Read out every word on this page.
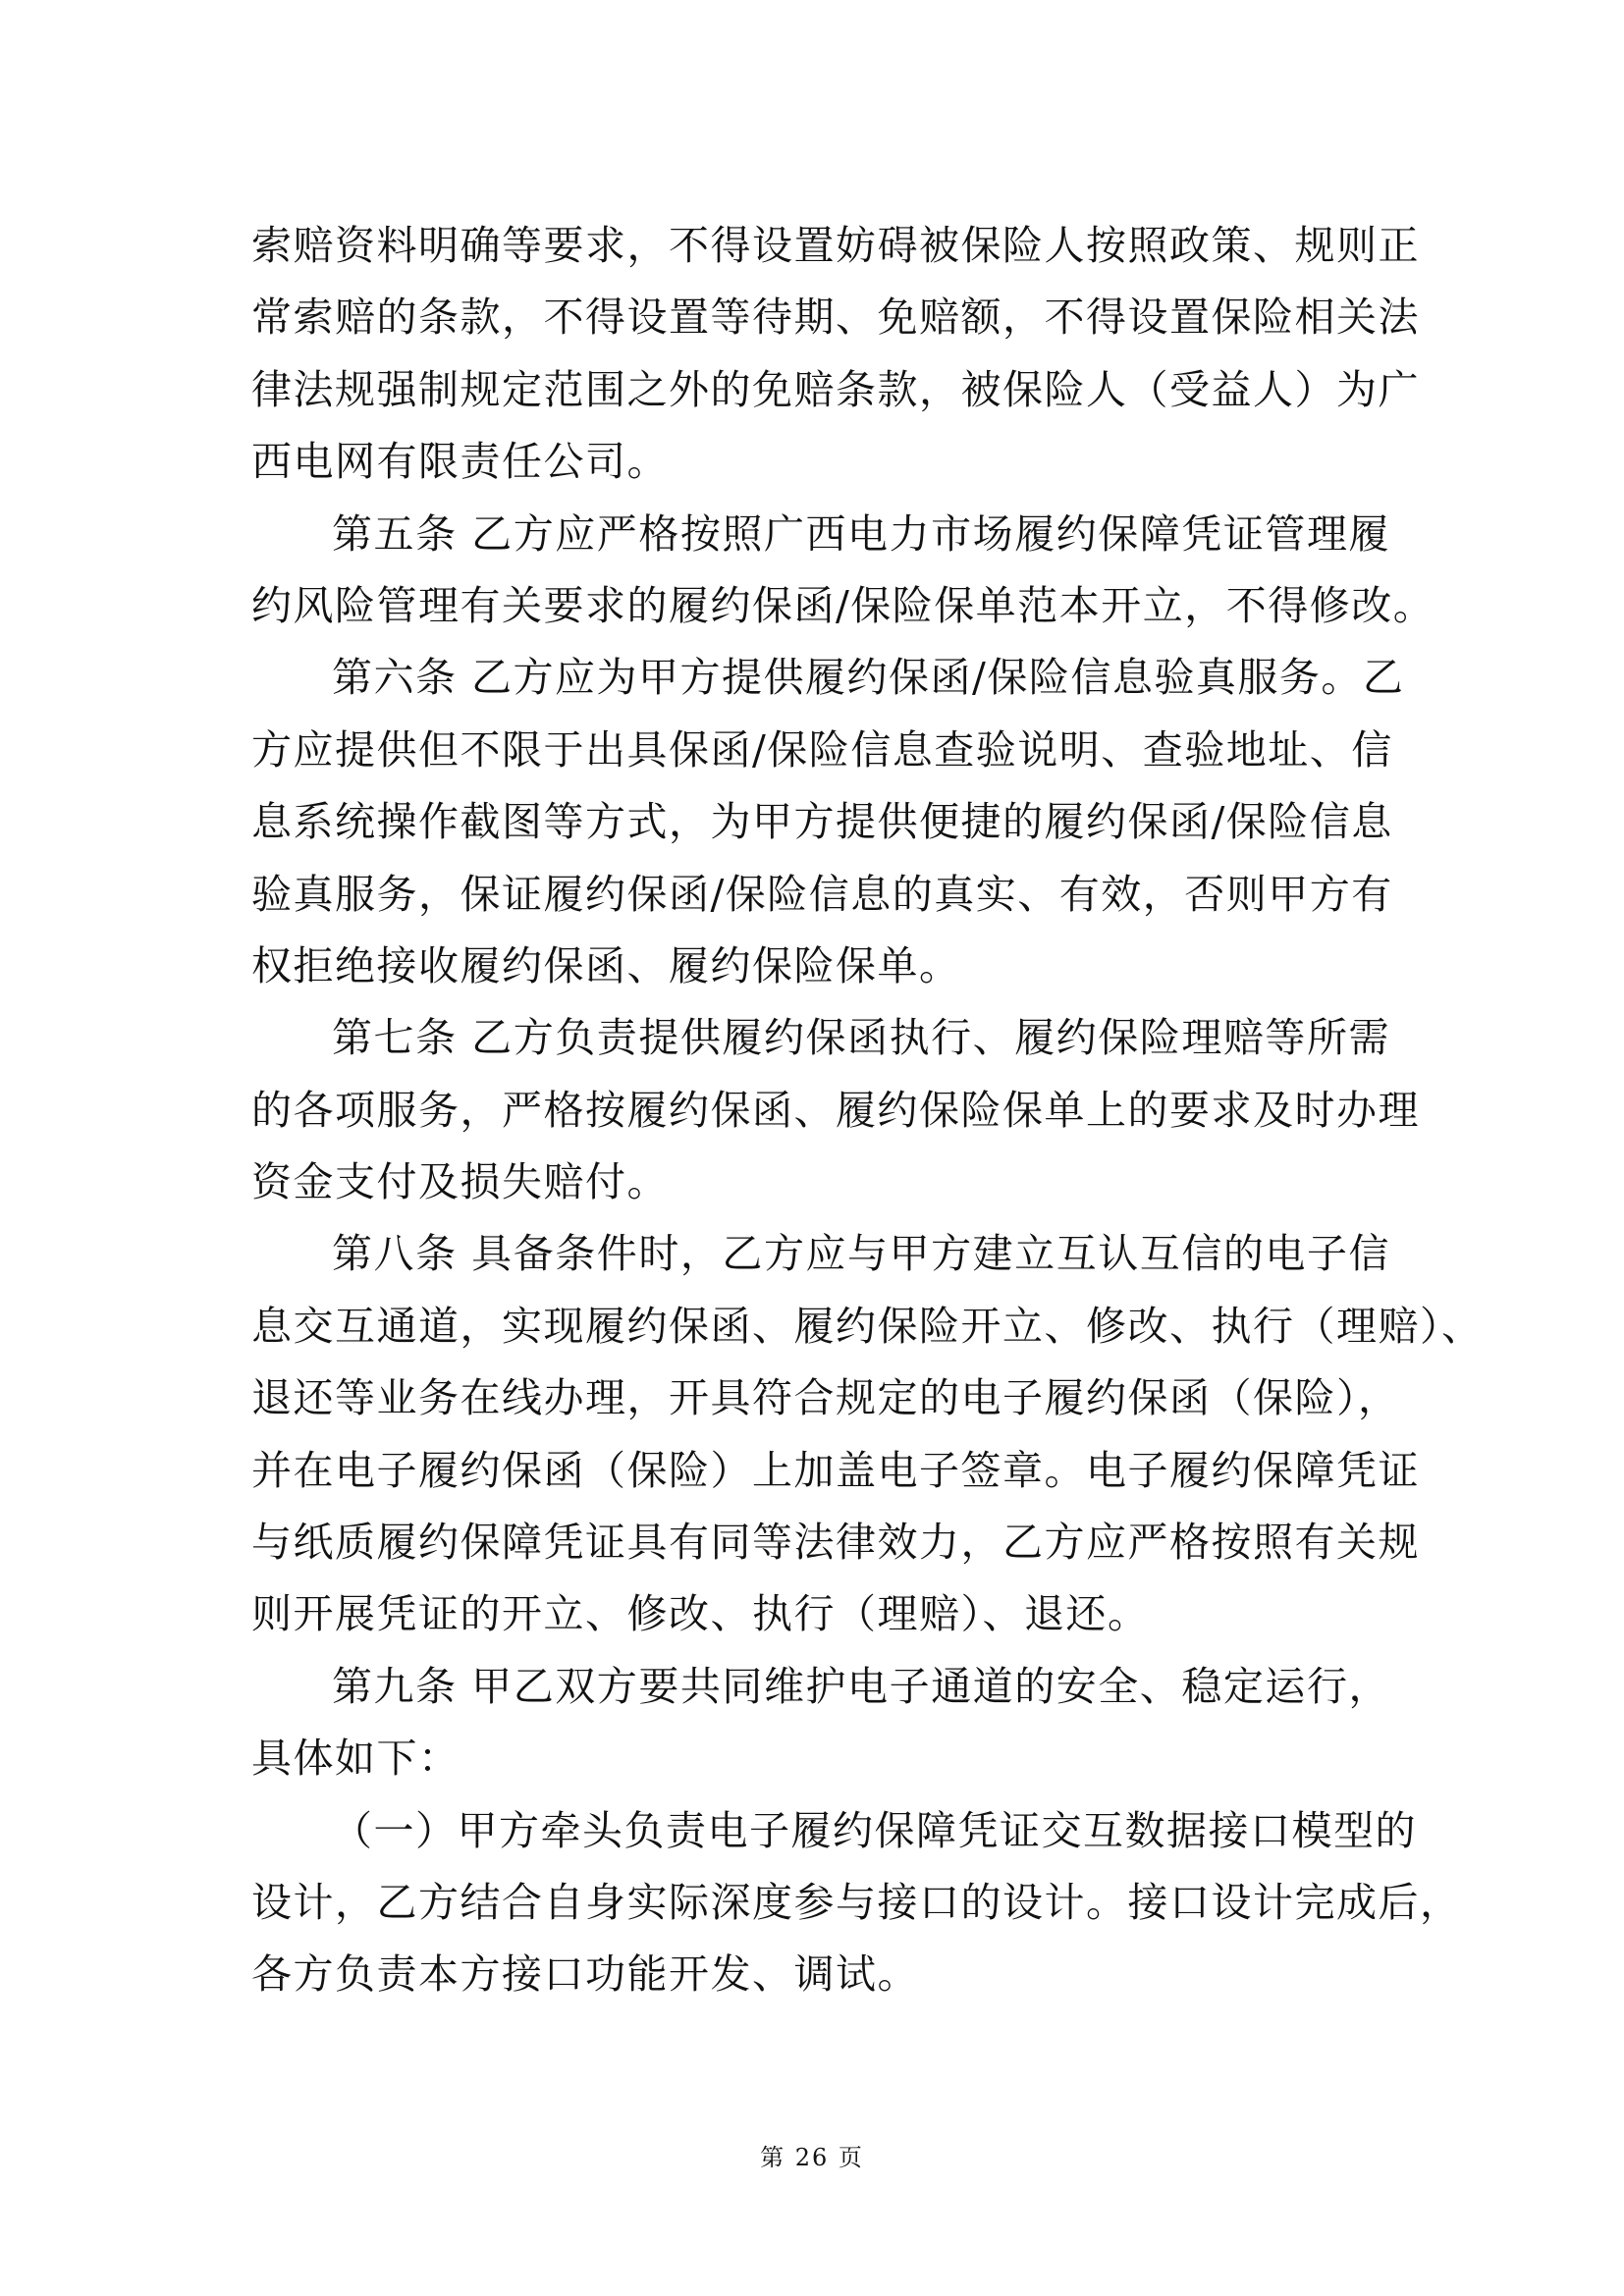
索赔资料明确等要求，不得设置妨碍被保险人按照政策、规则正
常索赔的条款，不得设置等待期、免赔额，不得设置保险相关法
律法规强制规定范围之外的免赔条款，被保险人（受益人）为广
西电网有限责任公司。
第五条 乙方应严格按照广西电力市场履约保障凭证管理履
约风险管理有关要求的履约保函/保险保单范本开立，不得修改。
第六条 乙方应为甲方提供履约保函/保险信息验真服务。乙
方应提供但不限于出具保函/保险信息查验说明、查验地址、信
息系统操作截图等方式，为甲方提供便捷的履约保函/保险信息
验真服务，保证履约保函/保险信息的真实、有效，否则甲方有
权拒绝接收履约保函、履约保险保单。
第七条 乙方负责提供履约保函执行、履约保险理赔等所需
的各项服务，严格按履约保函、履约保险保单上的要求及时办理
资金支付及损失赔付。
第八条 具备条件时，乙方应与甲方建立互认互信的电子信
息交互通道，实现履约保函、履约保险开立、修改、执行（理赔）、
退还等业务在线办理，开具符合规定的电子履约保函（保险），
并在电子履约保函（保险）上加盖电子签章。电子履约保障凭证
与纸质履约保障凭证具有同等法律效力，乙方应严格按照有关规
则开展凭证的开立、修改、执行（理赔）、退还。
第九条 甲乙双方要共同维护电子通道的安全、稳定运行，
具体如下：
（一）甲方牵头负责电子履约保障凭证交互数据接口模型的
设计，乙方结合自身实际深度参与接口的设计。接口设计完成后，
各方负责本方接口功能开发、调试。
第 26 页
